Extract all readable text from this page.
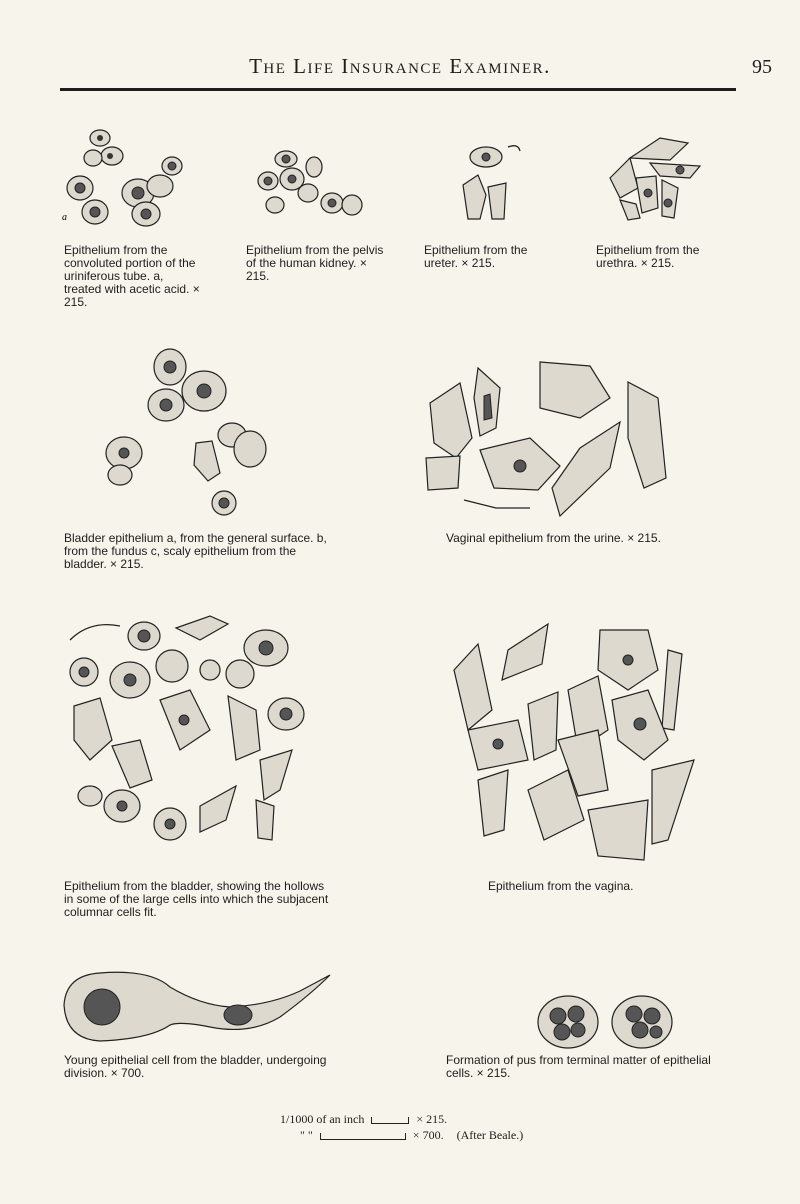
The Life Insurance Examiner.	95
a
Epithelium from the convoluted portion of the uriniferous tube. a, treated with acetic acid. × 215.
Epithelium from the pelvis of the human kidney. × 215.
Epithelium from the ureter. × 215.
Epithelium from the urethra. × 215.
Bladder epithelium a, from the general surface. b, from the fundus c, scaly epithelium from the bladder. × 215.
Vaginal epithelium from the urine. × 215.
Epithelium from the bladder, showing the hollows in some of the large cells into which the subjacent columnar cells fit.
Epithelium from the vagina.
Young epithelial cell from the bladder, undergoing division. × 700.
Formation of pus from terminal matter of epithelial cells. × 215.
1/1000 of an inch	× 215.
" "	× 700. (After Beale.)
